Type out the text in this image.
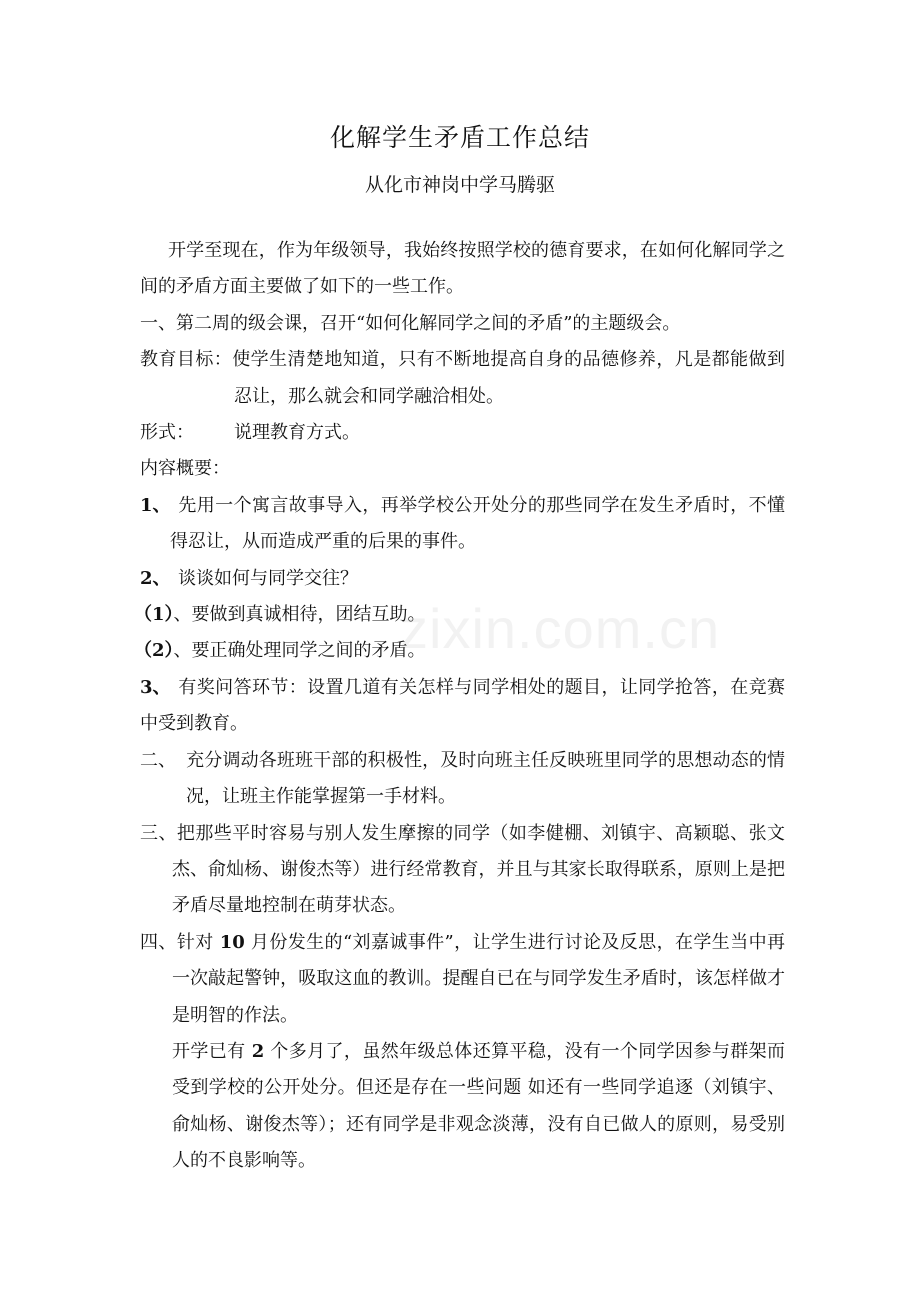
化解学生矛盾工作总结
从化市神岗中学马腾驱

开学至现在，作为年级领导，我始终按照学校的德育要求，在如何化解同学之间的矛盾方面主要做了如下的一些工作。

一、第二周的级会课，召开“如何化解同学之间的矛盾”的主题级会。

教育目标：使学生清楚地知道，只有不断地提高自身的品德修养，凡是都能做到忍让，那么就会和同学融洽相处。

形式： 说理教育方式。

内容概要：

1、 先用一个寓言故事导入，再举学校公开处分的那些同学在发生矛盾时，不懂得忍让，从而造成严重的后果的事件。

2、 谈谈如何与同学交往？

（1）、要做到真诚相待，团结互助。

（2）、要正确处理同学之间的矛盾。

3、 有奖问答环节：设置几道有关怎样与同学相处的题目，让同学抢答，在竞赛中受到教育。

二、 充分调动各班班干部的积极性，及时向班主任反映班里同学的思想动态的情况，让班主作能掌握第一手材料。

三、把那些平时容易与别人发生摩擦的同学（如李健棚、刘镇宇、高颖聪、张文杰、俞灿杨、谢俊杰等）进行经常教育，并且与其家长取得联系，原则上是把矛盾尽量地控制在萌芽状态。

四、针对 10 月份发生的“刘嘉诚事件”，让学生进行讨论及反思，在学生当中再一次敲起警钟，吸取这血的教训。提醒自已在与同学发生矛盾时，该怎样做才是明智的作法。

开学已有 2 个多月了，虽然年级总体还算平稳，没有一个同学因参与群架而受到学校的公开处分。但还是存在一些问题 如还有一些同学追逐（刘镇宇、俞灿杨、谢俊杰等）；还有同学是非观念淡薄，没有自已做人的原则，易受别人的不良影响等。

zixin.com.cn
